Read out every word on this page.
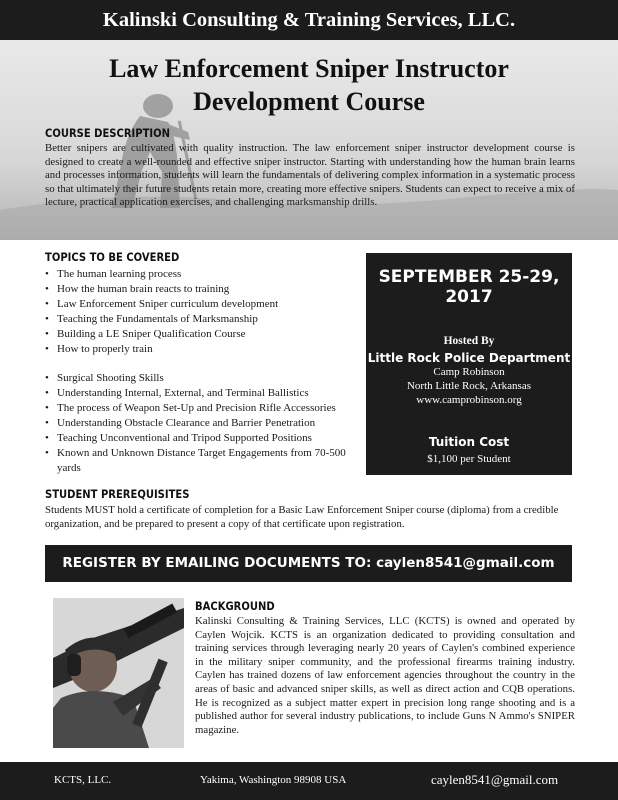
Kalinski Consulting & Training Services, LLC.
Law Enforcement Sniper Instructor
Development Course
COURSE DESCRIPTION

Better snipers are cultivated with quality instruction. The law enforcement sniper instructor development course is designed to create a well-rounded and effective sniper instructor. Starting with understanding how the human brain learns and processes information, students will learn the fundamentals of delivering complex information in a systematic process so that ultimately their future students retain more, creating more effective snipers. Students can expect to receive a mix of lecture, practical application exercises, and challenging marksmanship drills.

TOPICS TO BE COVERED
• The human learning process
• How the human brain reacts to training
• Law Enforcement Sniper curriculum development
• Teaching the Fundamentals of Marksmanship
• Building a LE Sniper Qualification Course
• How to properly train
• Surgical Shooting Skills
• Understanding Internal, External, and Terminal Ballistics
• The process of Weapon Set-Up and Precision Rifle Accessories
• Understanding Obstacle Clearance and Barrier Penetration
• Teaching Unconventional and Tripod Supported Positions
• Known and Unknown Distance Target Engagements from 70-500 yards
SEPTEMBER 25-29, 2017
Hosted By
Little Rock Police Department
Camp Robinson
North Little Rock, Arkansas
www.camprobinson.org
Tuition Cost
$1,100 per Student
STUDENT PREREQUISITES

Students MUST hold a certificate of completion for a Basic Law Enforcement Sniper course (diploma) from a credible organization, and be prepared to present a copy of that certificate upon registration.

REGISTER BY EMAILING DOCUMENTS TO: caylen8541@gmail.com
BACKGROUND

Kalinski Consulting & Training Services, LLC (KCTS) is owned and operated by Caylen Wojcik. KCTS is an organization dedicated to providing consultation and training services through leveraging nearly 20 years of Caylen's combined experience in the military sniper community, and the professional firearms training industry. Caylen has trained dozens of law enforcement agencies throughout the country in the areas of basic and advanced sniper skills, as well as direct action and CQB operations. He is recognized as a subject matter expert in precision long range shooting and is a published author for several industry publications, to include Guns N Ammo's SNIPER magazine.

KCTS, LLC.	Yakima, Washington 98908 USA	caylen8541@gmail.com
